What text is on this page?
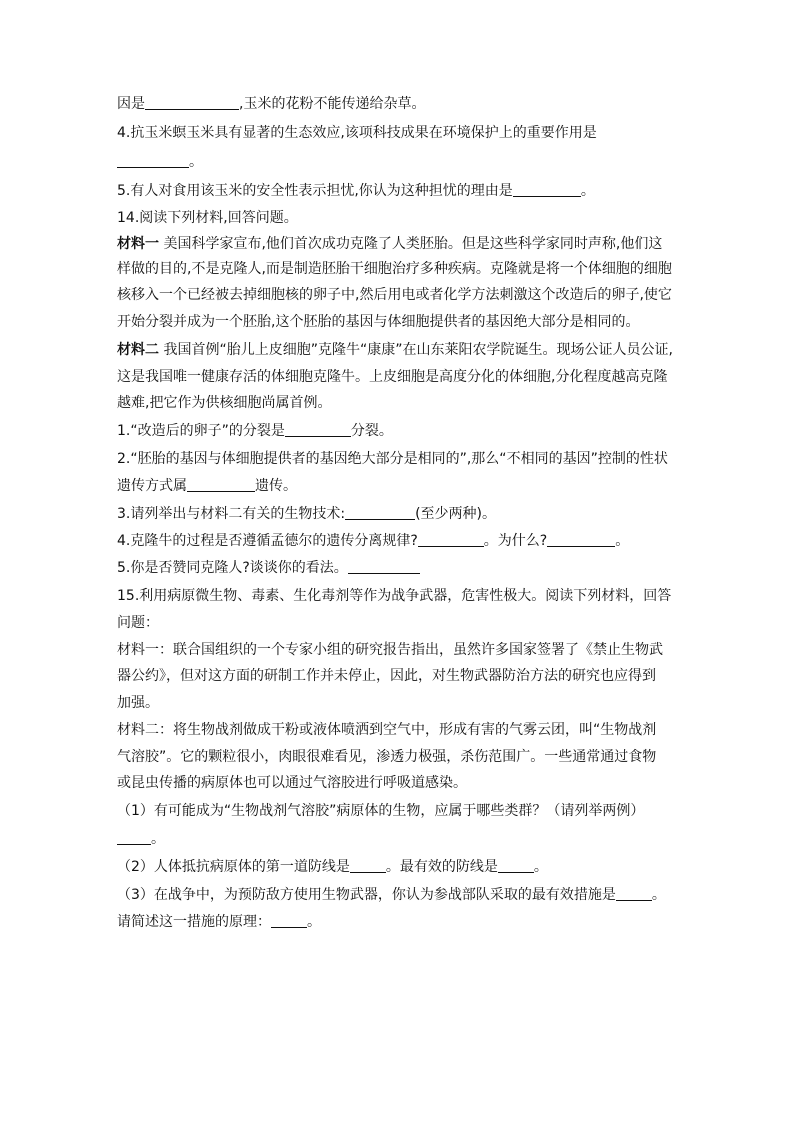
因是	,玉米的花粉不能传递给杂草。
4.抗玉米螟玉米具有显著的生态效应,该项科技成果在环境保护上的重要作用是
。
5.有人对食用该玉米的安全性表示担忧,你认为这种担忧的理由是	。
14.阅读下列材料,回答问题。
材料一 美国科学家宣布,他们首次成功克隆了人类胚胎。但是这些科学家同时声称,他们这
样做的目的,不是克隆人,而是制造胚胎干细胞治疗多种疾病。克隆就是将一个体细胞的细胞
核移入一个已经被去掉细胞核的卵子中,然后用电或者化学方法刺激这个改造后的卵子,使它
开始分裂并成为一个胚胎,这个胚胎的基因与体细胞提供者的基因绝大部分是相同的。
材料二 我国首例“胎儿上皮细胞”克隆牛“康康”在山东莱阳农学院诞生。现场公证人员公证,
这是我国唯一健康存活的体细胞克隆牛。上皮细胞是高度分化的体细胞,分化程度越高克隆
越难,把它作为供核细胞尚属首例。
1.“改造后的卵子”的分裂是	分裂。
2.“胚胎的基因与体细胞提供者的基因绝大部分是相同的”,那么“不相同的基因”控制的性状
遗传方式属	遗传。
3.请列举出与材料二有关的生物技术:	(至少两种)。
4.克隆牛的过程是否遵循孟德尔的遗传分离规律?	。为什么?	。
5.你是否赞同克隆人?谈谈你的看法。
15.利用病原微生物、毒素、生化毒剂等作为战争武器，危害性极大。阅读下列材料，回答
问题：
材料一：联合国组织的一个专家小组的研究报告指出，虽然许多国家签署了《禁止生物武
器公约》，但对这方面的研制工作并未停止，因此，对生物武器防治方法的研究也应得到
加强。
材料二：将生物战剂做成干粉或液体喷洒到空气中，形成有害的气雾云团，叫“生物战剂
气溶胶”。它的颗粒很小，肉眼很难看见，渗透力极强，杀伤范围广。一些通常通过食物
或昆虫传播的病原体也可以通过气溶胶进行呼吸道感染。
（1）有可能成为“生物战剂气溶胶”病原体的生物，应属于哪些类群？（请列举两例）
。
（2）人体抵抗病原体的第一道防线是	。最有效的防线是	。
（3）在战争中，为预防敌方使用生物武器，你认为参战部队采取的最有效措施是	。
请简述这一措施的原理：	。
